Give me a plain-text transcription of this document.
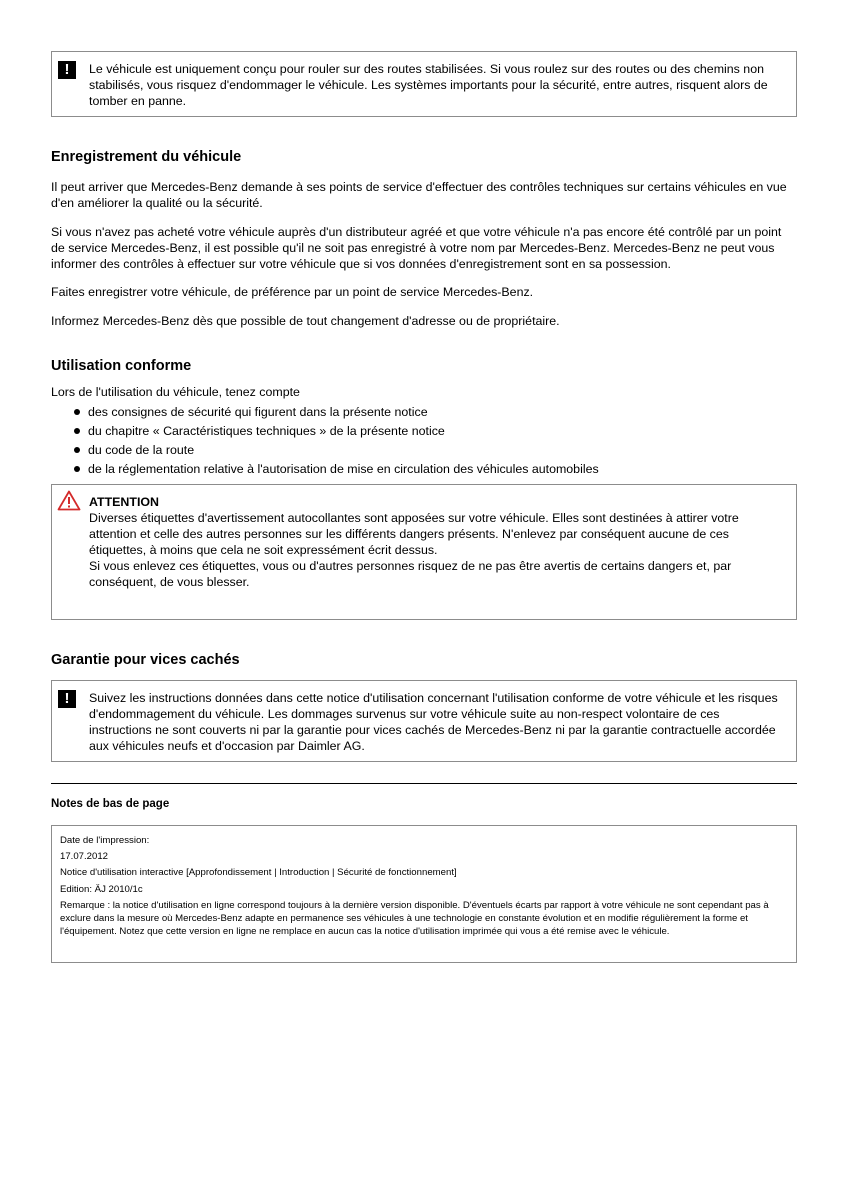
!	Le véhicule est uniquement conçu pour rouler sur des routes stabilisées. Si vous roulez sur des routes ou des chemins non stabilisés, vous risquez d'endommager le véhicule. Les systèmes importants pour la sécurité, entre autres, risquent alors de tomber en panne.

Enregistrement du véhicule

Il peut arriver que Mercedes-Benz demande à ses points de service d'effectuer des contrôles techniques sur certains véhicules en vue d'en améliorer la qualité ou la sécurité.

Si vous n'avez pas acheté votre véhicule auprès d'un distributeur agréé et que votre véhicule n'a pas encore été contrôlé par un point de service Mercedes-Benz, il est possible qu'il ne soit pas enregistré à votre nom par Mercedes-Benz. Mercedes-Benz ne peut vous informer des contrôles à effectuer sur votre véhicule que si vos données d'enregistrement sont en sa possession.

Faites enregistrer votre véhicule, de préférence par un point de service Mercedes-Benz.

Informez Mercedes-Benz dès que possible de tout changement d'adresse ou de propriétaire.

Utilisation conforme

Lors de l'utilisation du véhicule, tenez compte

des consignes de sécurité qui figurent dans la présente notice
du chapitre « Caractéristiques techniques » de la présente notice
du code de la route
de la réglementation relative à l'autorisation de mise en circulation des véhicules automobiles

ATTENTION

Diverses étiquettes d'avertissement autocollantes sont apposées sur votre véhicule. Elles sont destinées à attirer votre attention et celle des autres personnes sur les différents dangers présents. N'enlevez par conséquent aucune de ces étiquettes, à moins que cela ne soit expressément écrit dessus.

Si vous enlevez ces étiquettes, vous ou d'autres personnes risquez de ne pas être avertis de certains dangers et, par conséquent, de vous blesser.

Garantie pour vices cachés
!	Suivez les instructions données dans cette notice d'utilisation concernant l'utilisation conforme de votre véhicule et les risques d'endommagement du véhicule. Les dommages survenus sur votre véhicule suite au non-respect volontaire de ces instructions ne sont couverts ni par la garantie pour vices cachés de Mercedes-Benz ni par la garantie contractuelle accordée aux véhicules neufs et d'occasion par Daimler AG.

Notes de bas de page

Date de l'impression:

17.07.2012

Notice d'utilisation interactive [Approfondissement | Introduction | Sécurité de fonctionnement]

Edition: ÄJ 2010/1c

Remarque : la notice d'utilisation en ligne correspond toujours à la dernière version disponible. D'éventuels écarts par rapport à votre véhicule ne sont cependant pas à exclure dans la mesure où Mercedes-Benz adapte en permanence ses véhicules à une technologie en constante évolution et en modifie régulièrement la forme et l'équipement. Notez que cette version en ligne ne remplace en aucun cas la notice d'utilisation imprimée qui vous a été remise avec le véhicule.
